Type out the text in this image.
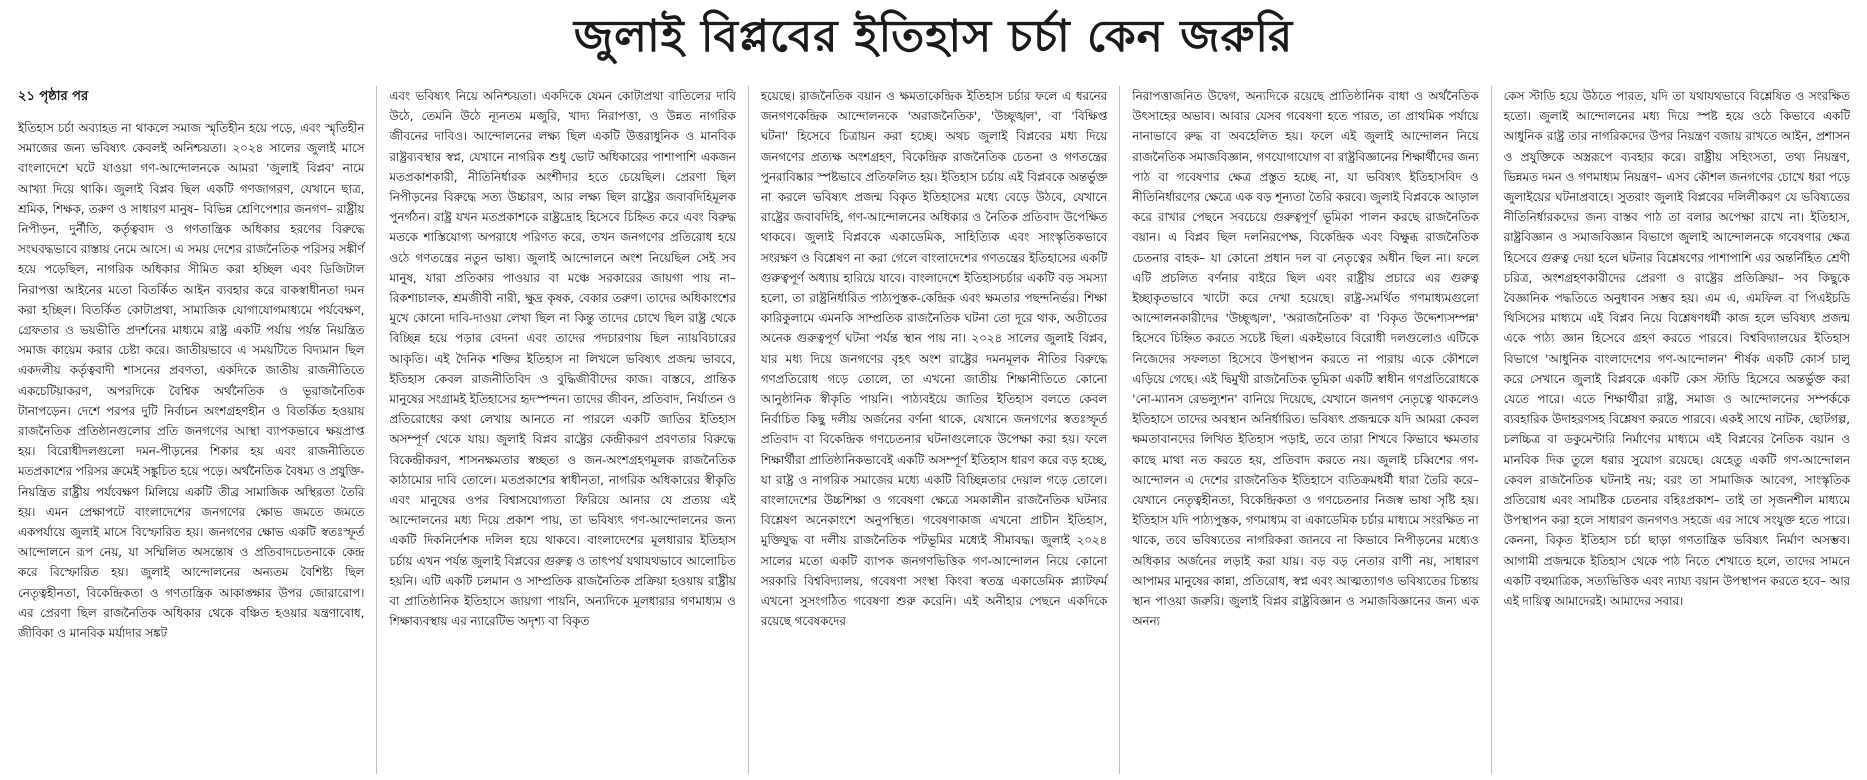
জুলাই বিপ্লবের ইতিহাস চর্চা কেন জরুরি
২১ পৃষ্ঠার পর

ইতিহাস চর্চা অব্যাহত না থাকলে সমাজ স্মৃতিহীন হয়ে পড়ে, এবং স্মৃতিহীন সমাজের জন্য ভবিষ্যৎ কেবলই অনিশ্চয়তা। ২০২৪ সালের জুলাই মাসে বাংলাদেশে ঘটে যাওয়া গণ-আন্দোলনকে আমরা 'জুলাই বিপ্লব' নামে আখ্যা দিয়ে থাকি। জুলাই বিপ্লব ছিল একটি গণজাগরণ, যেখানে ছাত্র, শ্রমিক, শিক্ষক, তরুণ ও সাধারণ মানুষ– বিভিন্ন শ্রেণিপেশার জনগণ– রাষ্ট্রীয় নিপীড়ন, দুর্নীতি, কর্তৃত্ববাদ ও গণতান্ত্রিক অধিকার হরণের বিরুদ্ধে সংঘবদ্ধভাবে রাস্তায় নেমে আসে। এ সময় দেশের রাজনৈতিক পরিসর সঙ্কীর্ণ হয়ে পড়েছিল, নাগরিক অধিকার সীমিত করা হচ্ছিল এবং ডিজিটাল নিরাপত্তা আইনের মতো বিতর্কিত আইন ব্যবহার করে বাকস্বাধীনতা দমন করা হচ্ছিল। বিতর্কিত কোটাপ্রথা, সামাজিক যোগাযোগমাধ্যমে পর্যবেক্ষণ, গ্রেফতার ও ভয়ভীতি প্রদর্শনের মাধ্যমে রাষ্ট্র একটি পর্যায় পর্যন্ত নিয়ন্ত্রিত সমাজ কায়েম করার চেষ্টা করে। জাতীয়ভাবে এ সময়টিতে বিদ্যমান ছিল একদলীয় কর্তৃত্ববাদী শাসনের প্রবণতা, একদিকে জাতীয় রাজনীতিতে একচেটিয়াকরণ, অপরদিকে বৈশ্বিক অর্থনৈতিক ও ভূরাজনৈতিক টানাপড়েন। দেশে পরপর দুটি নির্বাচন অংশগ্রহণহীন ও বিতর্কিত হওয়ায় রাজনৈতিক প্রতিষ্ঠানগুলোর প্রতি জনগণের আস্থা ব্যাপকভাবে ক্ষয়প্রাপ্ত হয়। বিরোধীদলগুলো দমন-পীড়নের শিকার হয় এবং রাজনীতিতে মতপ্রকাশের পরিসর ক্রমেই সঙ্কুচিত হয়ে পড়ে। অর্থনৈতিক বৈষম্য ও প্রযুক্তি-নিয়ন্ত্রিত রাষ্ট্রীয় পর্যবেক্ষণ মিলিয়ে একটি তীব্র সামাজিক অস্থিরতা তৈরি হয়। এমন প্রেক্ষাপটে বাংলাদেশের জনগণের ক্ষোভ জমতে জমতে একপর্যায়ে জুলাই মাসে বিস্ফোরিত হয়। জনগণের ক্ষোভ একটি স্বতঃস্ফূর্ত আন্দোলনে রূপ নেয়, যা সম্মিলিত অসন্তোষ ও প্রতিবাদচেতনাকে কেন্দ্র করে বিস্ফোরিত হয়। জুলাই আন্দোলনের অন্যতম বৈশিষ্ট্য ছিল নেতৃত্বহীনতা, বিকেন্দ্রিকতা ও গণতান্ত্রিক আকাঙ্ক্ষার উপর জোরারোপ। এর প্রেরণা ছিল রাজনৈতিক অধিকার থেকে বঞ্চিত হওয়ার যন্ত্রণাবোধ, জীবিকা ও মানবিক মর্যাদার সঙ্কট

এবং ভবিষ্যৎ নিয়ে অনিশ্চয়তা। একদিকে যেমন কোটাপ্রথা বাতিলের দাবি উঠে, তেমনি উঠে ন্যূনতম মজুরি, খাদ্য নিরাপত্তা, ও উন্নত নাগরিক জীবনের দাবিও। আন্দোলনের লক্ষ্য ছিল একটি উত্তরাধুনিক ও মানবিক রাষ্ট্রব্যবস্থার স্বপ্ন, যেখানে নাগরিক শুধু ভোট অধিকারের পাশাপাশি একজন মতপ্রকাশকারী, নীতিনির্ধারক অংশীদার হতে চেয়েছিল। প্রেরণা ছিল নিপীড়নের বিরুদ্ধে সত্য উচ্চারণ, আর লক্ষ্য ছিল রাষ্ট্রের জবাবদিহিমূলক পুনর্গঠন। রাষ্ট্র যখন মতপ্রকাশকে রাষ্ট্রদ্রোহ হিসেবে চিহ্নিত করে এবং বিরুদ্ধ মতকে শাস্তিযোগ্য অপরাধে পরিণত করে, তখন জনগণের প্রতিরোধ হয়ে ওঠে গণতন্ত্রের নতুন ভাষ্য। জুলাই আন্দোলনে অংশ নিয়েছিল সেই সব মানুষ, যারা প্রতিকার পাওয়ার বা মঞ্চে সরকারের জায়গা পায় না– রিকশাচালক, শ্রমজীবী নারী, ক্ষুদ্র কৃষক, বেকার তরুণ। তাদের অধিকাংশের মুখে কোনো দাবি-দাওয়া লেখা ছিল না কিন্তু তাদের চোখে ছিল রাষ্ট্র থেকে বিচ্ছিন্ন হয়ে পড়ার বেদনা এবং তাদের পদচারণায় ছিল ন্যায়বিচারের আকৃতি। এই দৈনিক শক্তির ইতিহাস না লিখলে ভবিষ্যৎ প্রজন্ম ভাববে, ইতিহাস কেবল রাজনীতিবিদ ও বুদ্ধিজীবীদের কাজ। বাস্তবে, প্রান্তিক মানুষের সংগ্রামই ইতিহাসের হৃদস্পন্দন। তাদের জীবন, প্রতিবাদ, নির্যাতন ও প্রতিরোধের কথা লেখায় আনতে না পারলে একটি জাতির ইতিহাস অসম্পূর্ণ থেকে যায়। জুলাই বিপ্লব রাষ্ট্রের কেন্দ্রীকরণ প্রবণতার বিরুদ্ধে বিকেন্দ্রীকরণ, শাসনক্ষমতার স্বচ্ছতা ও জন-অংশগ্রহণমূলক রাজনৈতিক কাঠামোর দাবি তোলে। মতপ্রকাশের স্বাধীনতা, নাগরিক অধিকারের স্বীকৃতি এবং মানুষের ওপর বিশ্বাসযোগ্যতা ফিরিয়ে আনার যে প্রত্যয় এই আন্দোলনের মধ্য দিয়ে প্রকাশ পায়, তা ভবিষ্যৎ গণ-আন্দোলনের জন্য একটি দিকনির্দেশক দলিল হয়ে থাকবে। বাংলাদেশের মূলধারার ইতিহাস চর্চায় এখন পর্যন্ত জুলাই বিপ্লবের গুরুত্ব ও তাৎপর্য যথাযথভাবে আলোচিত হয়নি। এটি একটি চলমান ও সাম্প্রতিক রাজনৈতিক প্রক্রিয়া হওয়ায় রাষ্ট্রীয় বা প্রাতিষ্ঠানিক ইতিহাসে জায়গা পায়নি, অন্যদিকে মূলধারার গণমাধ্যম ও শিক্ষাব্যবস্থায় এর ন্যারেটিভ অদৃশ্য বা বিকৃত

হয়েছে। রাজনৈতিক বয়ান ও ক্ষমতাকেন্দ্রিক ইতিহাস চর্চার ফলে এ ধরনের জনগণকেন্দ্রিক আন্দোলনকে 'অরাজনৈতিক', 'উচ্ছৃঙ্খল', বা 'বিক্ষিপ্ত ঘটনা' হিসেবে চিত্রায়ন করা হচ্ছে। অথচ জুলাই বিপ্লবের মধ্য দিয়ে জনগণের প্রত্যক্ষ অংশগ্রহণ, বিকেন্দ্রিক রাজনৈতিক চেতনা ও গণতন্ত্রের পুনরাবিষ্কার স্পষ্টভাবে প্রতিফলিত হয়। ইতিহাস চর্চায় এই বিপ্লবকে অন্তর্ভুক্ত না করলে ভবিষ্যৎ প্রজন্ম বিকৃত ইতিহাসের মধ্যে বেড়ে উঠবে, যেখানে রাষ্ট্রের জবাবদিহি, গণ-আন্দোলনের অধিকার ও নৈতিক প্রতিবাদ উপেক্ষিত থাকবে। জুলাই বিপ্লবকে একাডেমিক, সাহিত্যিক এবং সাংস্কৃতিকভাবে সংরক্ষণ ও বিশ্লেষণ না করা গেলে বাংলাদেশের গণতন্ত্রের ইতিহাসের একটি গুরুত্বপূর্ণ অধ্যায় হারিয়ে যাবে। বাংলাদেশে ইতিহাসচর্চার একটি বড় সমস্যা হলো, তা রাষ্ট্রনির্ধারিত পাঠ্যপুস্তক-কেন্দ্রিক এবং ক্ষমতার পছন্দনির্ভর। শিক্ষা কারিকুলামে এমনকি সাম্প্রতিক রাজনৈতিক ঘটনা তো দূরে থাক, অতীতের অনেক গুরুত্বপূর্ণ ঘটনা পর্যন্ত স্থান পায় না। ২০২৪ সালের জুলাই বিপ্লব, যার মধ্য দিয়ে জনগণের বৃহৎ অংশ রাষ্ট্রের দমনমূলক নীতির বিরুদ্ধে গণপ্রতিরোধ গড়ে তোলে, তা এখনো জাতীয় শিক্ষানীতিতে কোনো আনুষ্ঠানিক স্বীকৃতি পায়নি। পাঠ্যবইয়ে জাতির ইতিহাস বলতে কেবল নির্বাচিত কিছু দলীয় অর্জনের বর্ণনা থাকে, যেখানে জনগণের স্বতঃস্ফূর্ত প্রতিবাদ বা বিকেন্দ্রিক গণচেতনার ঘটনাগুলোকে উপেক্ষা করা হয়। ফলে শিক্ষার্থীরা প্রাতিষ্ঠানিকভাবেই একটি অসম্পূর্ণ ইতিহাস ধারণ করে বড় হচ্ছে, যা রাষ্ট্র ও নাগরিক সমাজের মধ্যে একটি বিচ্ছিন্নতার দেয়াল গড়ে তোলে। বাংলাদেশের উচ্চশিক্ষা ও গবেষণা ক্ষেত্রে সমকালীন রাজনৈতিক ঘটনার বিশ্লেষণ অনেকাংশে অনুপস্থিত। গবেষণাকাজ এখনো প্রাচীন ইতিহাস, মুক্তিযুদ্ধ বা দলীয় রাজনৈতিক পটভূমির মধ্যেই সীমাবদ্ধ। জুলাই ২০২৪ সালের মতো একটি ব্যাপক জনগণভিত্তিক গণ-আন্দোলন নিয়ে কোনো সরকারি বিশ্ববিদ্যালয়, গবেষণা সংস্থা কিংবা স্বতন্ত্র একাডেমিক প্ল্যাটফর্ম এখনো সুসংগঠিত গবেষণা শুরু করেনি। এই অনীহার পেছনে একদিকে রয়েছে গবেষকদের

নিরাপত্তাজনিত উদ্বেগ, অন্যদিকে রয়েছে প্রাতিষ্ঠানিক বাধা ও অর্থনৈতিক উৎসাহের অভাব। আবার যেসব গবেষণা হতে পারত, তা প্রাথমিক পর্যায়ে নানাভাবে রুদ্ধ বা অবহেলিত হয়। ফলে এই জুলাই আন্দোলন নিয়ে রাজনৈতিক সমাজবিজ্ঞান, গণযোগাযোগ বা রাষ্ট্রবিজ্ঞানের শিক্ষার্থীদের জন্য পাঠ বা গবেষণার ক্ষেত্র প্রস্তুত হচ্ছে না, যা ভবিষ্যৎ ইতিহাসবিদ ও নীতিনির্ধারণের ক্ষেত্রে এক বড় শূন্যতা তৈরি করবে। জুলাই বিপ্লবকে আড়াল করে রাখার পেছনে সবচেয়ে গুরুত্বপূর্ণ ভূমিকা পালন করছে রাজনৈতিক বয়ান। এ বিপ্লব ছিল দলনিরপেক্ষ, বিকেন্দ্রিক এবং বিক্ষুব্ধ রাজনৈতিক চেতনার বাহক– যা কোনো প্রধান দল বা নেতৃত্বের অধীন ছিল না। ফলে এটি প্রচলিত বর্ণনার বাইরে ছিল এবং রাষ্ট্রীয় প্রচারে এর গুরুত্ব ইচ্ছাকৃতভাবে খাটো করে দেখা হয়েছে। রাষ্ট্র-সমর্থিত গণমাধ্যমগুলো আন্দোলনকারীদের 'উচ্ছৃঙ্খল', 'অরাজনৈতিক' বা 'বিকৃত উদ্দেশ্যসম্পন্ন' হিসেবে চিহ্নিত করতে সচেষ্ট ছিল। একইভাবে বিরোধী দলগুলোও এটিকে নিজেদের সফলতা হিসেবে উপস্থাপন করতে না পারায় একে কৌশলে এড়িয়ে গেছে। এই দ্বিমুখী রাজনৈতিক ভূমিকা একটি স্বাধীন গণপ্রতিরোধকে 'নো-ম্যানস রেভল্যুশন' বানিয়ে দিয়েছে, যেখানে জনগণ নেতৃত্বে থাকলেও ইতিহাসে তাদের অবস্থান অনির্ধারিত। ভবিষ্যৎ প্রজন্মকে যদি আমরা কেবল ক্ষমতাবানদের লিখিত ইতিহাস পড়াই, তবে তারা শিখবে কিভাবে ক্ষমতার কাছে মাথা নত করতে হয়, প্রতিবাদ করতে নয়। জুলাই চব্বিশের গণ-আন্দোলন এ দেশের রাজনৈতিক ইতিহাসে ব্যতিক্রমধর্মী ধারা তৈরি করে– যেখানে নেতৃত্বহীনতা, বিকেন্দ্রিকতা ও গণচেতনার নিজস্ব ভাষা সৃষ্টি হয়। ইতিহাস যদি পাঠ্যপুস্তক, গণমাধ্যম বা একাডেমিক চর্চার মাধ্যমে সংরক্ষিত না থাকে, তবে ভবিষ্যতের নাগরিকরা জানবে না কিভাবে নিপীড়নের মধ্যেও অধিকার অর্জনের লড়াই করা যায়। বড় বড় নেতার বাণী নয়, সাধারণ আপামর মানুষের কান্না, প্রতিরোধ, স্বপ্ন এবং আত্মত্যাগও ভবিষ্যতের চিন্তায় স্থান পাওয়া জরুরি। জুলাই বিপ্লব রাষ্ট্রবিজ্ঞান ও সমাজবিজ্ঞানের জন্য এক অনন্য

কেস স্টাডি হয়ে উঠতে পারত, যদি তা যথাযথভাবে বিশ্লেষিত ও সংরক্ষিত হতো। জুলাই আন্দোলনের মধ্য দিয়ে স্পষ্ট হয়ে ওঠে কিভাবে একটি আধুনিক রাষ্ট্র তার নাগরিকদের উপর নিয়ন্ত্রণ বজায় রাখতে আইন, প্রশাসন ও প্রযুক্তিকে অস্ত্ররূপে ব্যবহার করে। রাষ্ট্রীয় সহিংসতা, তথ্য নিয়ন্ত্রণ, ভিন্নমত দমন ও গণমাধ্যম নিয়ন্ত্রণ– এসব কৌশল জনগণের চোখে ধরা পড়ে জুলাইয়ের ঘটনাপ্রবাহে। সুতরাং জুলাই বিপ্লবের দলিলীকরণ যে ভবিষ্যতের নীতিনির্ধারকদের জন্য বাস্তব পাঠ তা বলার অপেক্ষা রাখে না। ইতিহাস, রাষ্ট্রবিজ্ঞান ও সমাজবিজ্ঞান বিভাগে জুলাই আন্দোলনকে গবেষণার ক্ষেত্র হিসেবে গুরুত্ব দেয়া হলে ঘটনার বিশ্লেষণের পাশাপাশি এর অন্তর্নিহিত শ্রেণী চরিত্র, অংশগ্রহণকারীদের প্রেরণা ও রাষ্ট্রের প্রতিক্রিয়া– সব কিছুকে বৈজ্ঞানিক পদ্ধতিতে অনুধাবন সম্ভব হয়। এম এ, এমফিল বা পিএইচডি থিসিসের মাধ্যমে এই বিপ্লব নিয়ে বিশ্লেষণধর্মী কাজ হলে ভবিষ্যৎ প্রজন্ম একে পাঠ্য জ্ঞান হিসেবে গ্রহণ করতে পারবে। বিশ্ববিদ্যালয়ের ইতিহাস বিভাগে 'আধুনিক বাংলাদেশের গণ-আন্দোলন' শীর্ষক একটি কোর্স চালু করে সেখানে জুলাই বিপ্লবকে একটি কেস স্টাডি হিসেবে অন্তর্ভুক্ত করা যেতে পারে। এতে শিক্ষার্থীরা রাষ্ট্র, সমাজ ও আন্দোলনের সম্পর্ককে ব্যবহারিক উদাহরণসহ বিশ্লেষণ করতে পারবে। একই সাথে নাটক, ছোটগল্প, চলচ্চিত্র বা ডকুমেন্টারি নির্মাণের মাধ্যমে এই বিপ্লবের নৈতিক বয়ান ও মানবিক দিক তুলে ধরার সুযোগ রয়েছে। যেহেতু একটি গণ-আন্দোলন কেবল রাজনৈতিক ঘটনাই নয়; বরং তা সামাজিক আবেগ, সাংস্কৃতিক প্রতিরোধ এবং সামষ্টিক চেতনার বহিঃপ্রকাশ– তাই তা সৃজনশীল মাধ্যমে উপস্থাপন করা হলে সাধারণ জনগণও সহজে এর সাথে সংযুক্ত হতে পারে। কেননা, বিকৃত ইতিহাস চর্চা ছাড়া গণতান্ত্রিক ভবিষ্যৎ নির্মাণ অসম্ভব। আগামী প্রজন্মকে ইতিহাস থেকে পাঠ নিতে শেখাতে হলে, তাদের সামনে একটি বহুমাত্রিক, সত্যভিত্তিক এবং ন্যায্য বয়ান উপস্থাপন করতে হবে– আর এই দায়িত্ব আমাদেরই। আমাদের সবার।
